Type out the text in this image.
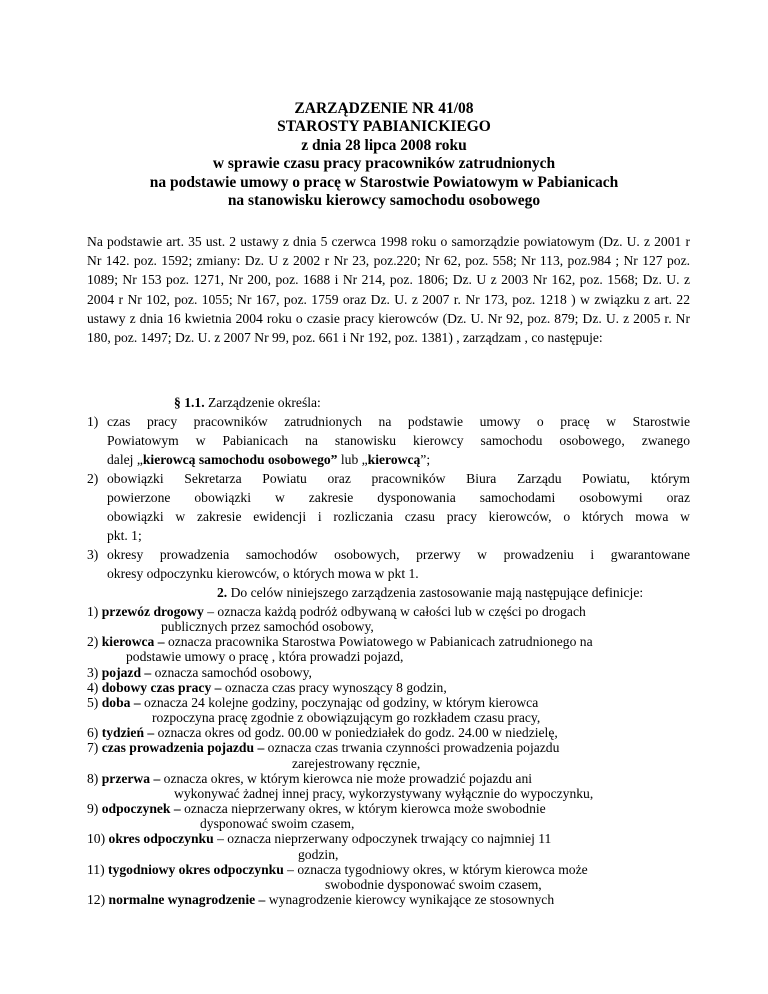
ZARZĄDZENIE NR 41/08
STAROSTY PABIANICKIEGO
z dnia 28 lipca 2008 roku
w sprawie czasu pracy pracowników zatrudnionych
na podstawie umowy o pracę w Starostwie Powiatowym w Pabianicach
na stanowisku kierowcy samochodu osobowego
Na podstawie art. 35 ust. 2 ustawy z dnia 5 czerwca 1998 roku o samorządzie powiatowym (Dz. U. z 2001 r Nr 142. poz. 1592; zmiany: Dz. U z 2002 r Nr 23, poz.220; Nr 62, poz. 558; Nr 113, poz.984 ; Nr 127 poz. 1089; Nr 153 poz. 1271, Nr 200, poz. 1688 i Nr 214, poz. 1806; Dz. U z 2003 Nr 162, poz. 1568; Dz. U. z 2004 r Nr 102, poz. 1055; Nr 167, poz. 1759 oraz Dz. U. z 2007 r. Nr 173, poz. 1218 ) w związku z art. 22 ustawy z dnia 16 kwietnia 2004 roku o czasie pracy kierowców (Dz. U. Nr 92, poz. 879; Dz. U. z 2005 r. Nr 180, poz. 1497; Dz. U. z 2007 Nr 99, poz. 661 i Nr 192, poz. 1381) , zarządzam , co następuje:
§ 1.1. Zarządzenie określa:
1) czas pracy pracowników zatrudnionych na podstawie umowy o pracę w Starostwie
Powiatowym w Pabianicach na stanowisku kierowcy samochodu osobowego, zwanego
dalej „kierowcą samochodu osobowego” lub „kierowcą”;
2) obowiązki Sekretarza Powiatu oraz pracowników Biura Zarządu Powiatu, którym
powierzone obowiązki w zakresie dysponowania samochodami osobowymi oraz
obowiązki w zakresie ewidencji i rozliczania czasu pracy kierowców, o których mowa w
pkt. 1;
3) okresy prowadzenia samochodów osobowych, przerwy w prowadzeniu i gwarantowane
okresy odpoczynku kierowców, o których mowa w pkt 1.
2. Do celów niniejszego zarządzenia zastosowanie mają następujące definicje:
1) przewóz drogowy – oznacza każdą podróż odbywaną w całości lub w części po drogach
publicznych przez samochód osobowy,
2) kierowca – oznacza pracownika Starostwa Powiatowego w Pabianicach zatrudnionego na
podstawie umowy o pracę , która prowadzi pojazd,
3) pojazd – oznacza samochód osobowy,
4) dobowy czas pracy – oznacza czas pracy wynoszący 8 godzin,
5) doba – oznacza 24 kolejne godziny, poczynając od godziny, w którym kierowca
rozpoczyna pracę zgodnie z obowiązującym go rozkładem czasu pracy,
6) tydzień – oznacza okres od godz. 00.00 w poniedziałek do godz. 24.00 w niedzielę,
7) czas prowadzenia pojazdu – oznacza czas trwania czynności prowadzenia pojazdu
zarejestrowany ręcznie,
8) przerwa – oznacza okres, w którym kierowca nie może prowadzić pojazdu ani
wykonywać żadnej innej pracy, wykorzystywany wyłącznie do wypoczynku,
9) odpoczynek – oznacza nieprzerwany okres, w którym kierowca może swobodnie
dysponować swoim czasem,
10) okres odpoczynku – oznacza nieprzerwany odpoczynek trwający co najmniej 11
godzin,
11) tygodniowy okres odpoczynku – oznacza tygodniowy okres, w którym kierowca może
swobodnie dysponować swoim czasem,
12) normalne wynagrodzenie – wynagrodzenie kierowcy wynikające ze stosownych
